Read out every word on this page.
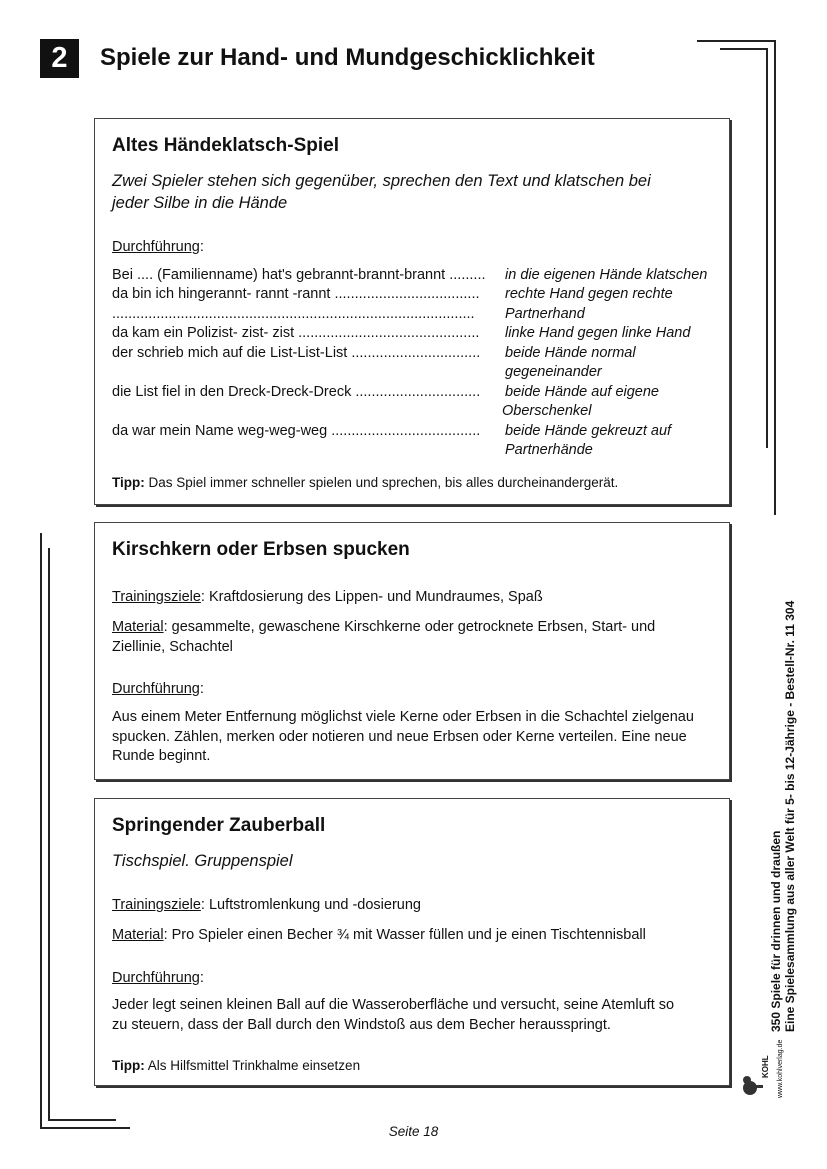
2	Spiele zur Hand- und Mundgeschicklichkeit
Altes Händeklatsch-Spiel
Zwei Spieler stehen sich gegenüber, sprechen den Text und klatschen bei
jeder Silbe in die Hände
Durchführung:
Bei .... (Familienname) hat's gebrannt-brannt-brannt ......... in die eigenen Hände klatschen
da bin ich hingerannt- rannt -rannt .................................... rechte Hand gegen rechte
.......................................................................................... Partnerhand
da kam ein Polizist- zist- zist ............................................. linke Hand gegen linke Hand
der schrieb mich auf die List-List-List ................................ beide Hände normal
gegeneinander
die List fiel in den Dreck-Dreck-Dreck ............................... beide Hände auf eigene
Oberschenkel
da war mein Name weg-weg-weg ..................................... beide Hände gekreuzt auf
Partnerhände
Tipp: Das Spiel immer schneller spielen und sprechen, bis alles durcheinandergerät.
Kirschkern oder Erbsen spucken
Trainingsziele: Kraftdosierung des Lippen- und Mundraumes, Spaß
Material: gesammelte, gewaschene Kirschkerne oder getrocknete Erbsen, Start- und
Ziellinie, Schachtel
Durchführung:
Aus einem Meter Entfernung möglichst viele Kerne oder Erbsen in die Schachtel zielgenau
spucken. Zählen, merken oder notieren und neue Erbsen oder Kerne verteilen. Eine neue
Runde beginnt.
Springender Zauberball
Tischspiel. Gruppenspiel
Trainingsziele: Luftstromlenkung und -dosierung
Material: Pro Spieler einen Becher ¾ mit Wasser füllen und je einen Tischtennisball
Durchführung:
Jeder legt seinen kleinen Ball auf die Wasseroberfläche und versucht, seine Atemluft so
zu steuern, dass der Ball durch den Windstoß aus dem Becher herausspringt.
Tipp: Als Hilfsmittel Trinkhalme einsetzen
350 Spiele für drinnen und draußen Eine Spielesammlung aus aller Welt für 5- bis 12-Jährige - Bestell-Nr. 11 304
KOHL www.kohlverlag.de
Seite 18
